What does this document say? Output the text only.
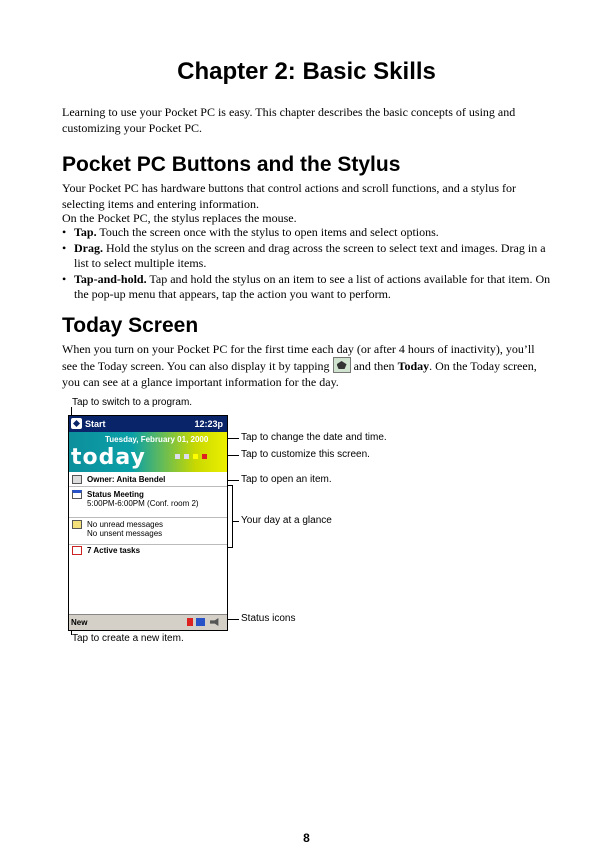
Chapter 2: Basic Skills
Learning to use your Pocket PC is easy. This chapter describes the basic concepts of using and customizing your Pocket PC.
Pocket PC Buttons and the Stylus
Your Pocket PC has hardware buttons that control actions and scroll functions, and a stylus for selecting items and entering information.
On the Pocket PC, the stylus replaces the mouse.
• Tap. Touch the screen once with the stylus to open items and select options.
• Drag. Hold the stylus on the screen and drag across the screen to select text and images. Drag in a list to select multiple items.
• Tap-and-hold. Tap and hold the stylus on an item to see a list of actions available for that item. On the pop-up menu that appears, tap the action you want to perform.
Today Screen
When you turn on your Pocket PC for the first time each day (or after 4 hours of inactivity), you’ll see the Today screen. You can also display it by tapping  and then Today. On the Today screen, you can see at a glance important information for the day.
Tap to switch to a program.
Tap to change the date and time.
Tap to customize this screen.
Tap to open an item.
Your day at a glance
Status icons
Tap to create a new item.
Start	12:23p
Tuesday, February 01, 2000
today
Owner: Anita Bendel
Status Meeting
5:00PM-6:00PM (Conf. room 2)
No unread messages
No unsent messages
7 Active tasks
New
8
